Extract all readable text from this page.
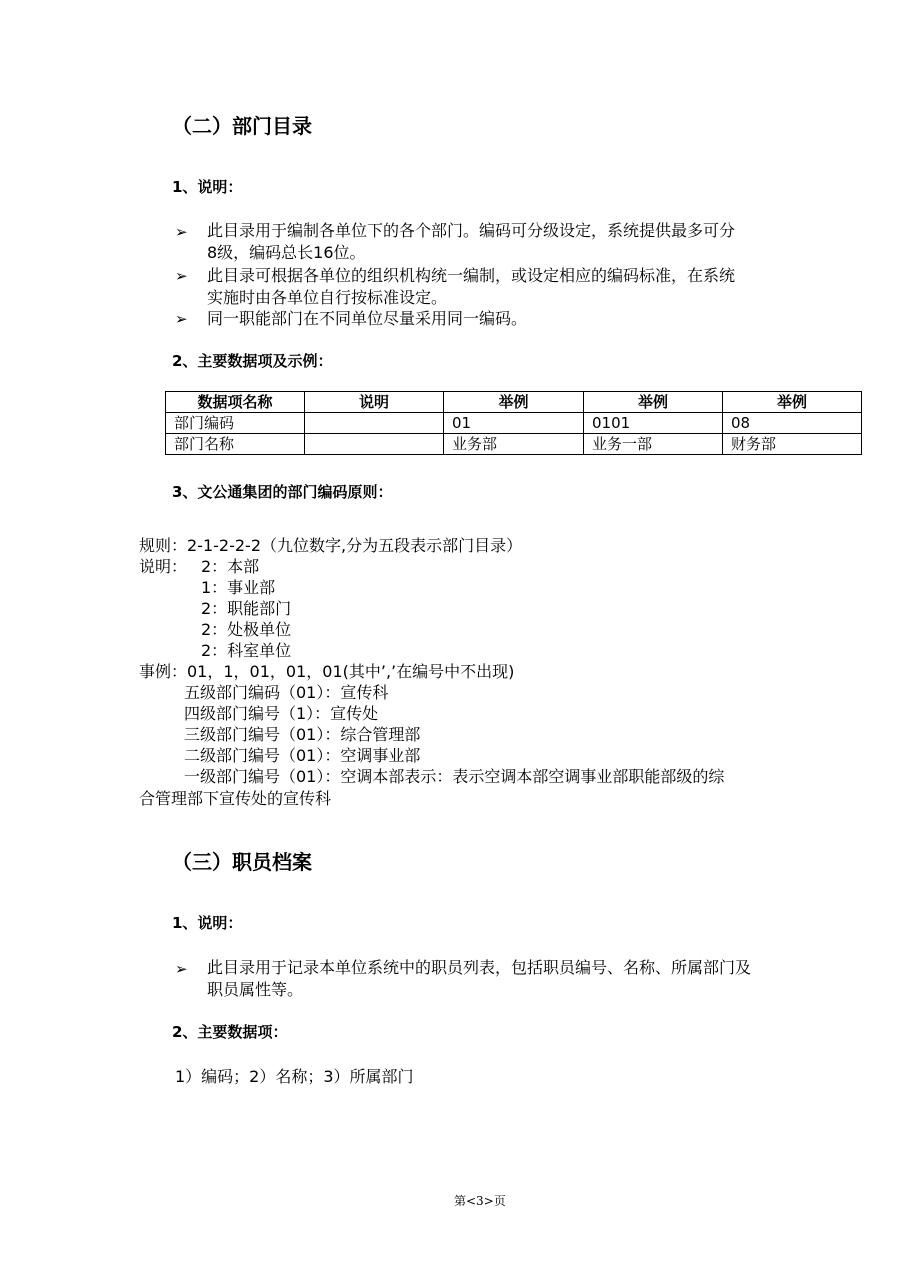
（二）部门目录
1、说明：
➢ 此目录用于编制各单位下的各个部门。编码可分级设定，系统提供最多可分
8级，编码总长16位。
➢ 此目录可根据各单位的组织机构统一编制，或设定相应的编码标准，在系统
实施时由各单位自行按标准设定。
➢ 同一职能部门在不同单位尽量采用同一编码。
2、主要数据项及示例：
数据项名称	说明	举例	举例	举例
部门编码		01	0101	08
部门名称		业务部	业务一部	财务部
3、文公通集团的部门编码原则：
规则：2-1-2-2-2（九位数字,分为五段表示部门目录）
说明： 2：本部
1：事业部
2：职能部门
2：处极单位
2：科室单位
事例：01，1，01，01，01(其中’,’在编号中不出现)
五级部门编码（01）：宣传科
四级部门编号（1）：宣传处
三级部门编号（01）：综合管理部
二级部门编号（01）：空调事业部
一级部门编号（01）：空调本部表示：表示空调本部空调事业部职能部级的综
合管理部下宣传处的宣传科
（三）职员档案
1、说明：
➢ 此目录用于记录本单位系统中的职员列表，包括职员编号、名称、所属部门及
职员属性等。
2、主要数据项：
1）编码；2）名称；3）所属部门
第<3>页
